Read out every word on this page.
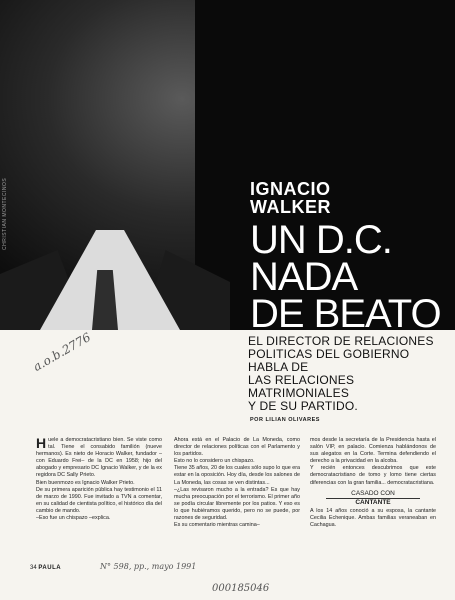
CHRISTIAN MONTECINOS	IGNACIO
WALKER
UN D.C.
NADA
DE BEATO
EL DIRECTOR DE RELACIONES
POLITICAS DEL GOBIERNO
HABLA DE
LAS RELACIONES
MATRIMONIALES
Y DE SU PARTIDO.
POR LILIAN OLIVARES
a.o.b.2776

Huele a democratacristiano bien. Se viste como tal. Tiene el consabido familión (nueve hermanos). Es nieto de Horacio Walker, fundador –con Eduardo Frei– de la DC en 1958; hijo del abogado y empresario DC Ignacio Walker, y de la ex regidora DC Sally Prieto.

Bien buenmozo es Ignacio Walker Prieto.

De su primera aparición pública hay testimonio el 11 de marzo de 1990. Fue invitado a TVN a comentar, en su calidad de cientista político, el histórico día del cambio de mando.

–Eso fue un chispazo –explica.

Ahora está en el Palacio de La Moneda, como director de relaciones políticas con el Parlamento y los partidos.

Esto no lo considero un chispazo.

Tiene 35 años, 20 de los cuales sólo supo lo que era estar en la oposición. Hoy día, desde los salones de La Moneda, las cosas se ven distintas...

–¿Las revisaron mucho a la entrada? Es que hay mucha preocupación por el terrorismo. El primer año se podía circular libremente por los patios. Y eso es lo que hubiéramos querido, pero no se puede, por razones de seguridad.

Es su comentario mientras camina–

mos desde la secretaría de la Presidencia hasta el salón VIP, en palacio. Comienza hablándonos de sus alegatos en la Corte. Termina defendiendo el derecho a la privacidad en la alcoba.

Y recién entonces descubrimos que este democratacristiano de tomo y lomo tiene ciertas diferencias con la gran familia... democratacristiana.

CASADO CON
CANTANTE

A los 14 años conoció a su esposa, la cantante Cecilia Echenique. Ambas familias veraneaban en Cachagua.

34 PAULA	N° 598, pp., mayo 1991
000185046
